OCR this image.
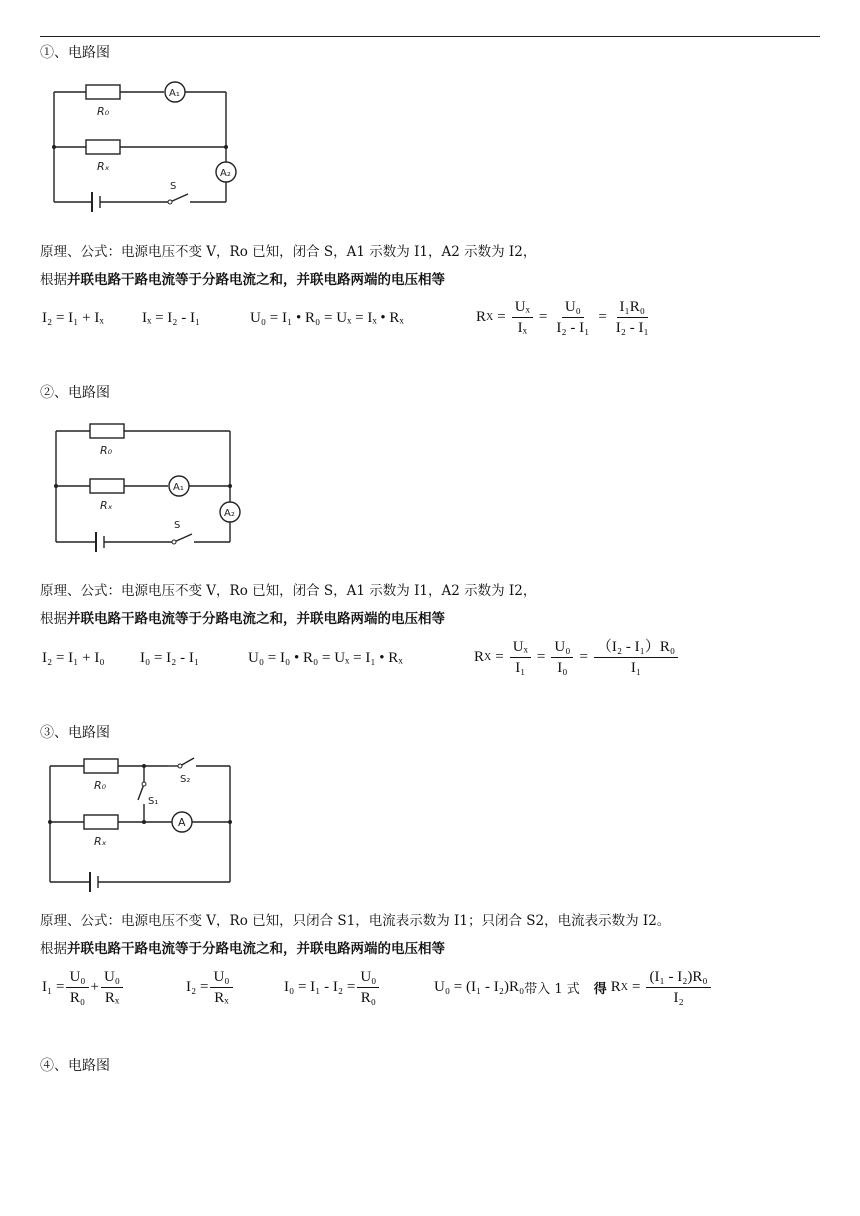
①、电路图
R₀
Rₓ
A₁
A₂
S
原理、公式：电源电压不变 V，Ro 已知，闭合 S，A1 示数为 I1，A2 示数为 I2，
根据并联电路干路电流等于分路电流之和，并联电路两端的电压相等
I₂ = I₁ + Iₓ	Iₓ = I₂ - I₁	U₀ = I₁ • R₀ = Uₓ = Iₓ • Rₓ	R $X = \frac{\text{Uₓ}}{\text{Iₓ}} = \frac{\text{U₀}}{\text{I₂ - I₁}} = \frac{\text{I₁R₀}}{\text{I₂ - I₁}}$
②、电路图
R₀
Rₓ
A₁
A₂
S
原理、公式：电源电压不变 V，Ro 已知，闭合 S，A1 示数为 I1，A2 示数为 I2，
根据并联电路干路电流等于分路电流之和，并联电路两端的电压相等
I₂ = I₁ + I₀ I₀ = I₂ - I₁	U₀ = I₀ • R₀ = Uₓ = I₁ • Rₓ	R $X = \frac{\text{Uₓ}}{\text{I₁}} = \frac{\text{U₀}}{\text{I₀}} = \frac{\text{（I₂ - I₁）R₀}}{\text{I₁}}$
③、电路图
R₀
Rₓ
A
S₁
S₂
原理、公式：电源电压不变 V，Ro 已知，只闭合 S1，电流表示数为 I1；只闭合 S2，电流表示数为 I2。
根据并联电路干路电流等于分路电流之和，并联电路两端的电压相等
$I_1 = \frac{\text{U₀}}{\text{R₀}} + \frac{\text{U₀}}{\text{Rₓ}}$	$I_2 = \frac{\text{U₀}}{\text{Rₓ}}$	$I_0 = I_1 - I_2 = \frac{\text{U₀}}{\text{R₀}}$	U₀ = (I₁ - I₂)R₀ 带入 1 式 得 R $X = \frac{\text{(I₁ - I₂)R₀}}{\text{I₂}}$
④、电路图
